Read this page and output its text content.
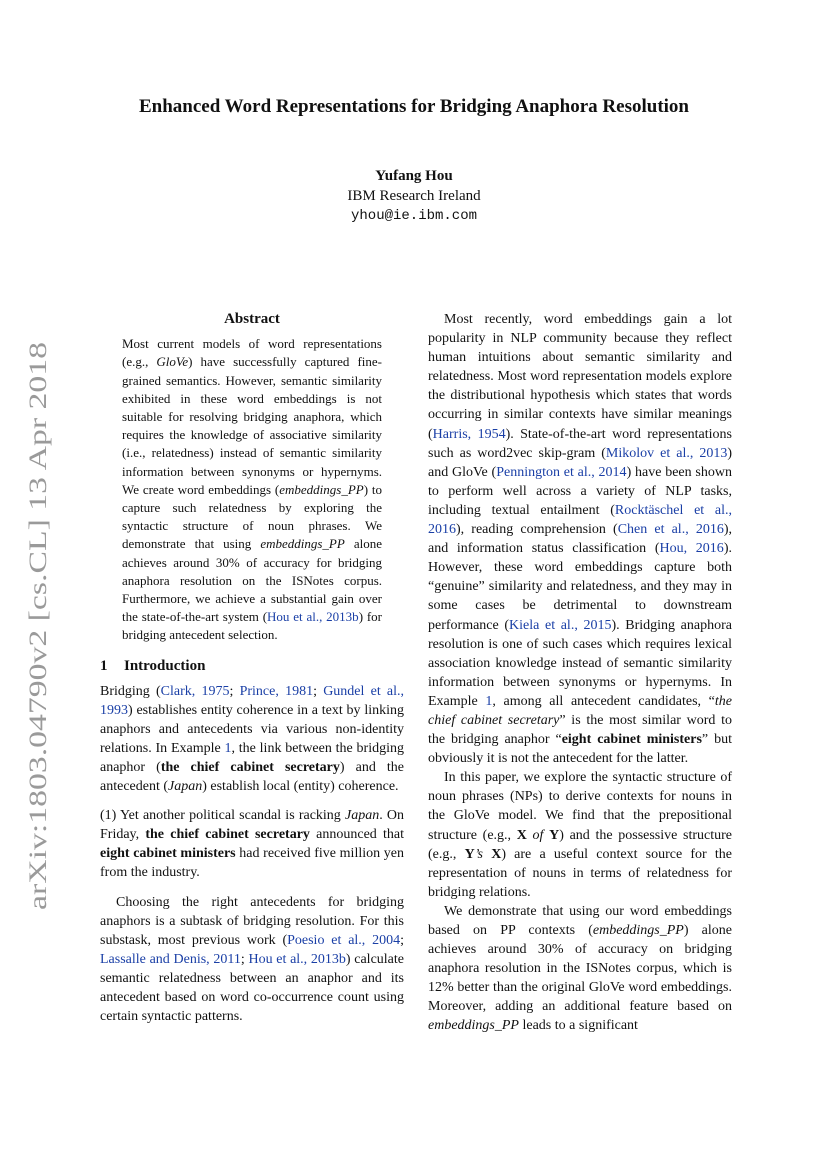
Enhanced Word Representations for Bridging Anaphora Resolution
Yufang Hou
IBM Research Ireland
yhou@ie.ibm.com
arXiv:1803.04790v2 [cs.CL] 13 Apr 2018
Abstract
Most current models of word representations (e.g., GloVe) have successfully captured fine-grained semantics. However, semantic similarity exhibited in these word embeddings is not suitable for resolving bridging anaphora, which requires the knowledge of associative similarity (i.e., relatedness) instead of semantic similarity information between synonyms or hypernyms. We create word embeddings (embeddings_PP) to capture such relatedness by exploring the syntactic structure of noun phrases. We demonstrate that using embeddings_PP alone achieves around 30% of accuracy for bridging anaphora resolution on the ISNotes corpus. Furthermore, we achieve a substantial gain over the state-of-the-art system (Hou et al., 2013b) for bridging antecedent selection.
1 Introduction

Bridging (Clark, 1975; Prince, 1981; Gundel et al., 1993) establishes entity coherence in a text by linking anaphors and antecedents via various non-identity relations. In Example 1, the link between the bridging anaphor (the chief cabinet secretary) and the antecedent (Japan) establish local (entity) coherence.

(1) Yet another political scandal is racking Japan. On Friday, the chief cabinet secretary announced that eight cabinet ministers had received five million yen from the industry.

Choosing the right antecedents for bridging anaphors is a subtask of bridging resolution. For this substask, most previous work (Poesio et al., 2004; Lassalle and Denis, 2011; Hou et al., 2013b) calculate semantic relatedness between an anaphor and its antecedent based on word co-occurrence count using certain syntactic patterns.

Most recently, word embeddings gain a lot popularity in NLP community because they reflect human intuitions about semantic similarity and relatedness. Most word representation models explore the distributional hypothesis which states that words occurring in similar contexts have similar meanings (Harris, 1954). State-of-the-art word representations such as word2vec skip-gram (Mikolov et al., 2013) and GloVe (Pennington et al., 2014) have been shown to perform well across a variety of NLP tasks, including textual entailment (Rocktäschel et al., 2016), reading comprehension (Chen et al., 2016), and information status classification (Hou, 2016). However, these word embeddings capture both “genuine” similarity and relatedness, and they may in some cases be detrimental to downstream performance (Kiela et al., 2015). Bridging anaphora resolution is one of such cases which requires lexical association knowledge instead of semantic similarity information between synonyms or hypernyms. In Example 1, among all antecedent candidates, “the chief cabinet secretary” is the most similar word to the bridging anaphor “eight cabinet ministers” but obviously it is not the antecedent for the latter.

In this paper, we explore the syntactic structure of noun phrases (NPs) to derive contexts for nouns in the GloVe model. We find that the prepositional structure (e.g., X of Y) and the possessive structure (e.g., Y’s X) are a useful context source for the representation of nouns in terms of relatedness for bridging relations.

We demonstrate that using our word embeddings based on PP contexts (embeddings_PP) alone achieves around 30% of accuracy on bridging anaphora resolution in the ISNotes corpus, which is 12% better than the original GloVe word embeddings. Moreover, adding an additional feature based on embeddings_PP leads to a significant
